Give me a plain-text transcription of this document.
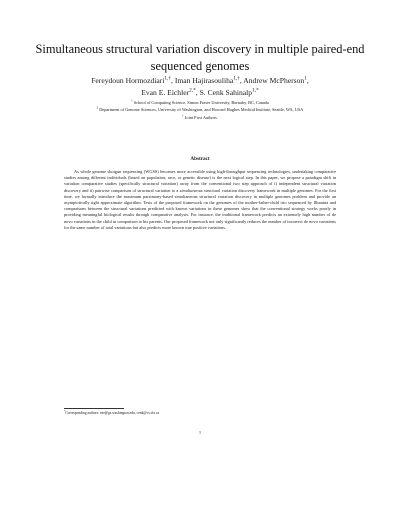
Simultaneous structural variation discovery in multiple paired-end
sequenced genomes
Fereydoun Hormozdiari$^{1,\dagger}$, Iman Hajirasouliha$^{1,\dagger}$, Andrew McPherson$^1$,
Evan E. Eichler$^{2,*}$, S. Cenk Sahinalp$^{1,*}$
$^1$ School of Computing Science, Simon Fraser University, Burnaby, BC, Canada
$^2$ Department of Genome Sciences, University of Washington, and Howard Hughes Medical Institute, Seattle, WA, USA
† Joint First Authors.
Abstract

As whole genome shotgun sequencing (WGSS) becomes more accessible using high-throughput sequencing technologies, undertaking comparative studies among different individuals (based on population, race, or genetic disease) is the next logical step. In this paper, we propose a paradigm shift in variation comparative studies (specifically structural variation) away from the conventional two step approach of i) independent structural variation discovery and ii) pairwise comparison of structural variation to a simultaneous structural variation discovery framework in multiple genomes. For the first time, we formally introduce the maximum parsimony-based simultaneous structural variation discovery in multiple genomes problem and provide an asymptotically tight approximate algorithm. Tests of the proposed framework on the genomes of the mother-father-child trio sequenced by Illumina and comparisons between the structural variations predicted with known variations in these genomes show that the conventional strategy works poorly in providing meaningful biological results through comparative analysis. For instance, the traditional framework predicts an extremely high number of de novo variations in the child in comparison to his parents. Our proposed framework not only significantly reduces the number of incorrect de novo variations for the same number of total variations but also predicts more known true positive variations.

*Corresponding authors: eee@gs.washington.edu, cenk@cs.sfu.ca
1
